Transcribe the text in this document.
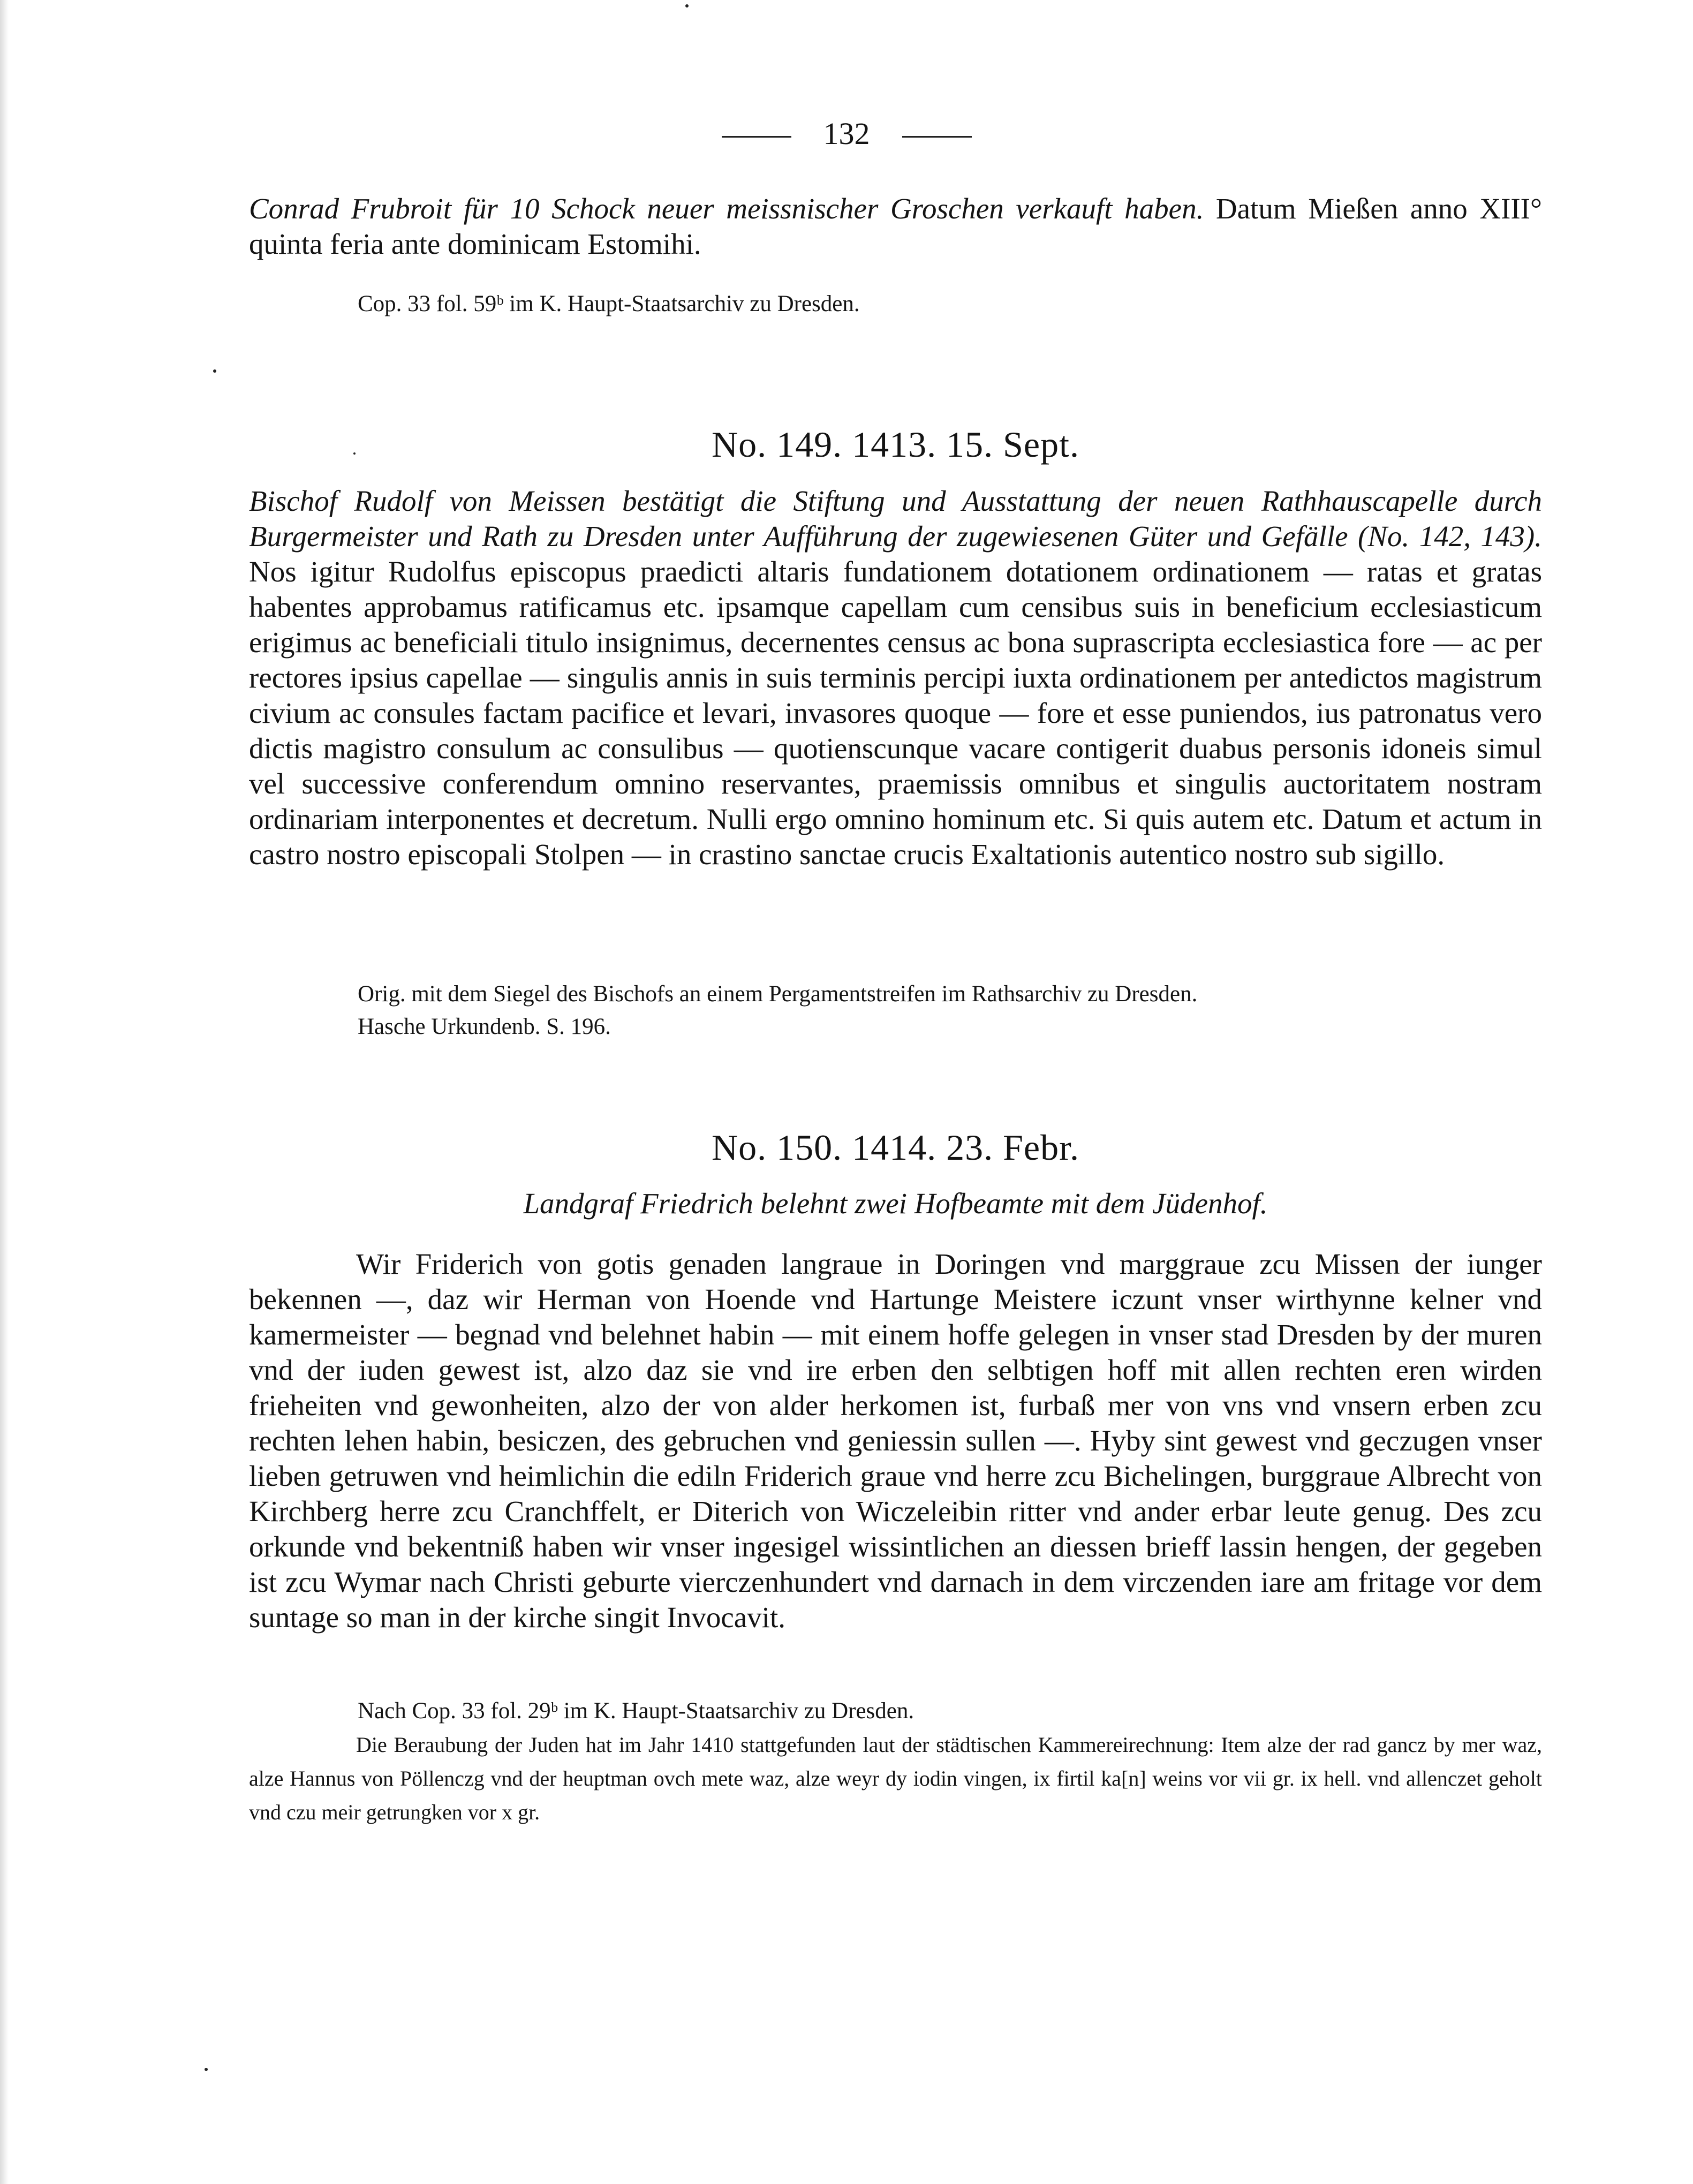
132
Conrad Frubroit für 10 Schock neuer meissnischer Groschen verkauft haben. Datum Mießen anno XIII° quinta feria ante dominicam Estomihi.
Cop. 33 fol. 59ᵇ im K. Haupt-Staatsarchiv zu Dresden.
No. 149. 1413. 15. Sept.
Bischof Rudolf von Meissen bestätigt die Stiftung und Ausstattung der neuen Rathhauscapelle durch Burgermeister und Rath zu Dresden unter Aufführung der zugewiesenen Güter und Gefälle (No. 142, 143). Nos igitur Rudolfus episcopus praedicti altaris fundationem dotationem ordinationem — ratas et gratas habentes approbamus ratificamus etc. ipsamque capellam cum censibus suis in beneficium ecclesiasticum erigimus ac beneficiali titulo insignimus, decernentes census ac bona suprascripta ecclesiastica fore — ac per rectores ipsius capellae — singulis annis in suis terminis percipi iuxta ordinationem per antedictos magistrum civium ac consules factam pacifice et levari, invasores quoque — fore et esse puniendos, ius patronatus vero dictis magistro consulum ac consulibus — quotienscunque vacare contigerit duabus personis idoneis simul vel successive conferendum omnino reservantes, praemissis omnibus et singulis auctoritatem nostram ordinariam interponentes et decretum. Nulli ergo omnino hominum etc. Si quis autem etc. Datum et actum in castro nostro episcopali Stolpen — in crastino sanctae crucis Exaltationis autentico nostro sub sigillo.
Orig. mit dem Siegel des Bischofs an einem Pergamentstreifen im Rathsarchiv zu Dresden.
Hasche Urkundenb. S. 196.
No. 150. 1414. 23. Febr.
Landgraf Friedrich belehnt zwei Hofbeamte mit dem Jüdenhof.
Wir Friderich von gotis genaden langraue in Doringen vnd marggraue zcu Missen der iunger bekennen —, daz wir Herman von Hoende vnd Hartunge Meistere iczunt vnser wirthynne kelner vnd kamermeister — begnad vnd belehnet habin — mit einem hoffe gelegen in vnser stad Dresden by der muren vnd der iuden gewest ist, alzo daz sie vnd ire erben den selbtigen hoff mit allen rechten eren wirden frieheiten vnd gewonheiten, alzo der von alder herkomen ist, furbaß mer von vns vnd vnsern erben zcu rechten lehen habin, besiczen, des gebruchen vnd geniessin sullen —. Hyby sint gewest vnd geczugen vnser lieben getruwen vnd heimlichin die ediln Friderich graue vnd herre zcu Bichelingen, burggraue Albrecht von Kirchberg herre zcu Cranchffelt, er Diterich von Wiczeleibin ritter vnd ander erbar leute genug. Des zcu orkunde vnd bekentniß haben wir vnser ingesigel wissintlichen an diessen brieff lassin hengen, der gegeben ist zcu Wymar nach Christi geburte vierczenhundert vnd darnach in dem virczenden iare am fritage vor dem suntage so man in der kirche singit Invocavit.
Nach Cop. 33 fol. 29ᵇ im K. Haupt-Staatsarchiv zu Dresden.
Die Beraubung der Juden hat im Jahr 1410 stattgefunden laut der städtischen Kammereirechnung: Item alze der rad gancz by mer waz, alze Hannus von Pöllenczg vnd der heuptman ovch mete waz, alze weyr dy iodin vingen, ix firtil ka[n] weins vor vii gr. ix hell. vnd allenczet geholt vnd czu meir getrungken vor x gr.
